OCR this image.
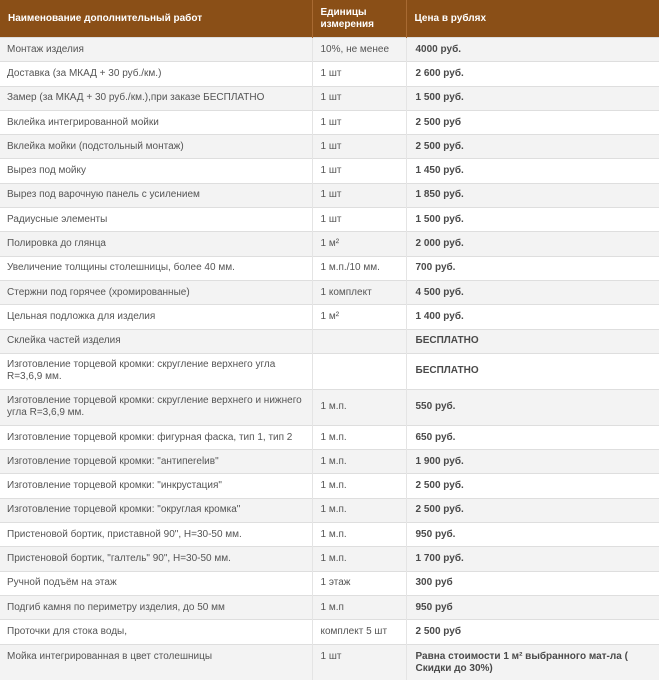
Наименование дополнительный работ	Единицы измерения	Цена в рублях
Монтаж изделия	10%, не менее	4000 руб.
Доставка (за МКАД + 30 руб./км.)	1 шт	2 600 руб.
Замер (за МКАД + 30 руб./км.),при заказе БЕСПЛАТНО	1 шт	1 500 руб.
Вклейка интегрированной мойки	1 шт	2 500 руб
Вклейка мойки (подстольный монтаж)	1 шт	2 500 руб.
Вырез под мойку	1 шт	1 450 руб.
Вырез под варочную панель с усилением	1 шт	1 850 руб.
Радиусные элементы	1 шт	1 500 руб.
Полировка до глянца	1 м²	2 000 руб.
Увеличение толщины столешницы, более 40 мм.	1 м.п./10 мм.	700 руб.
Стержни под горячее (хромированные)	1 комплект	4 500 руб.
Цельная подложка для изделия	1 м²	1 400 руб.
Склейка частей изделия		БЕСПЛАТНО
Изготовление торцевой кромки: скругление верхнего угла R=3,6,9 мм.		БЕСПЛАТНО
Изготовление торцевой кромки: скругление верхнего и нижнего угла R=3,6,9 мм.	1 м.п.	550 руб.
Изготовление торцевой кромки: фигурная фаска, тип 1, тип 2	1 м.п.	650 руб.
Изготовление торцевой кромки: "антипerelив"	1 м.п.	1 900 руб.
Изготовление торцевой кромки: "инкрустация"	1 м.п.	2 500 руб.
Изготовление торцевой кромки: "округлая кромка"	1 м.п.	2 500 руб.
Пристеновой бортик, приставной 90", H=30-50 мм.	1 м.п.	950 руб.
Пристеновой бортик, "галтель" 90", H=30-50 мм.	1 м.п.	1 700 руб.
Ручной подъём на этаж	1 этаж	300 руб
Подгиб камня по периметру изделия, до 50 мм	1 м.п	950 руб
Проточки для стока воды,	комплект 5 шт	2 500 руб
Мойка интегрированная в цвет столешницы	1 шт	Равна стоимости 1 м² выбранного мат-ла ( Скидки до 30%)
